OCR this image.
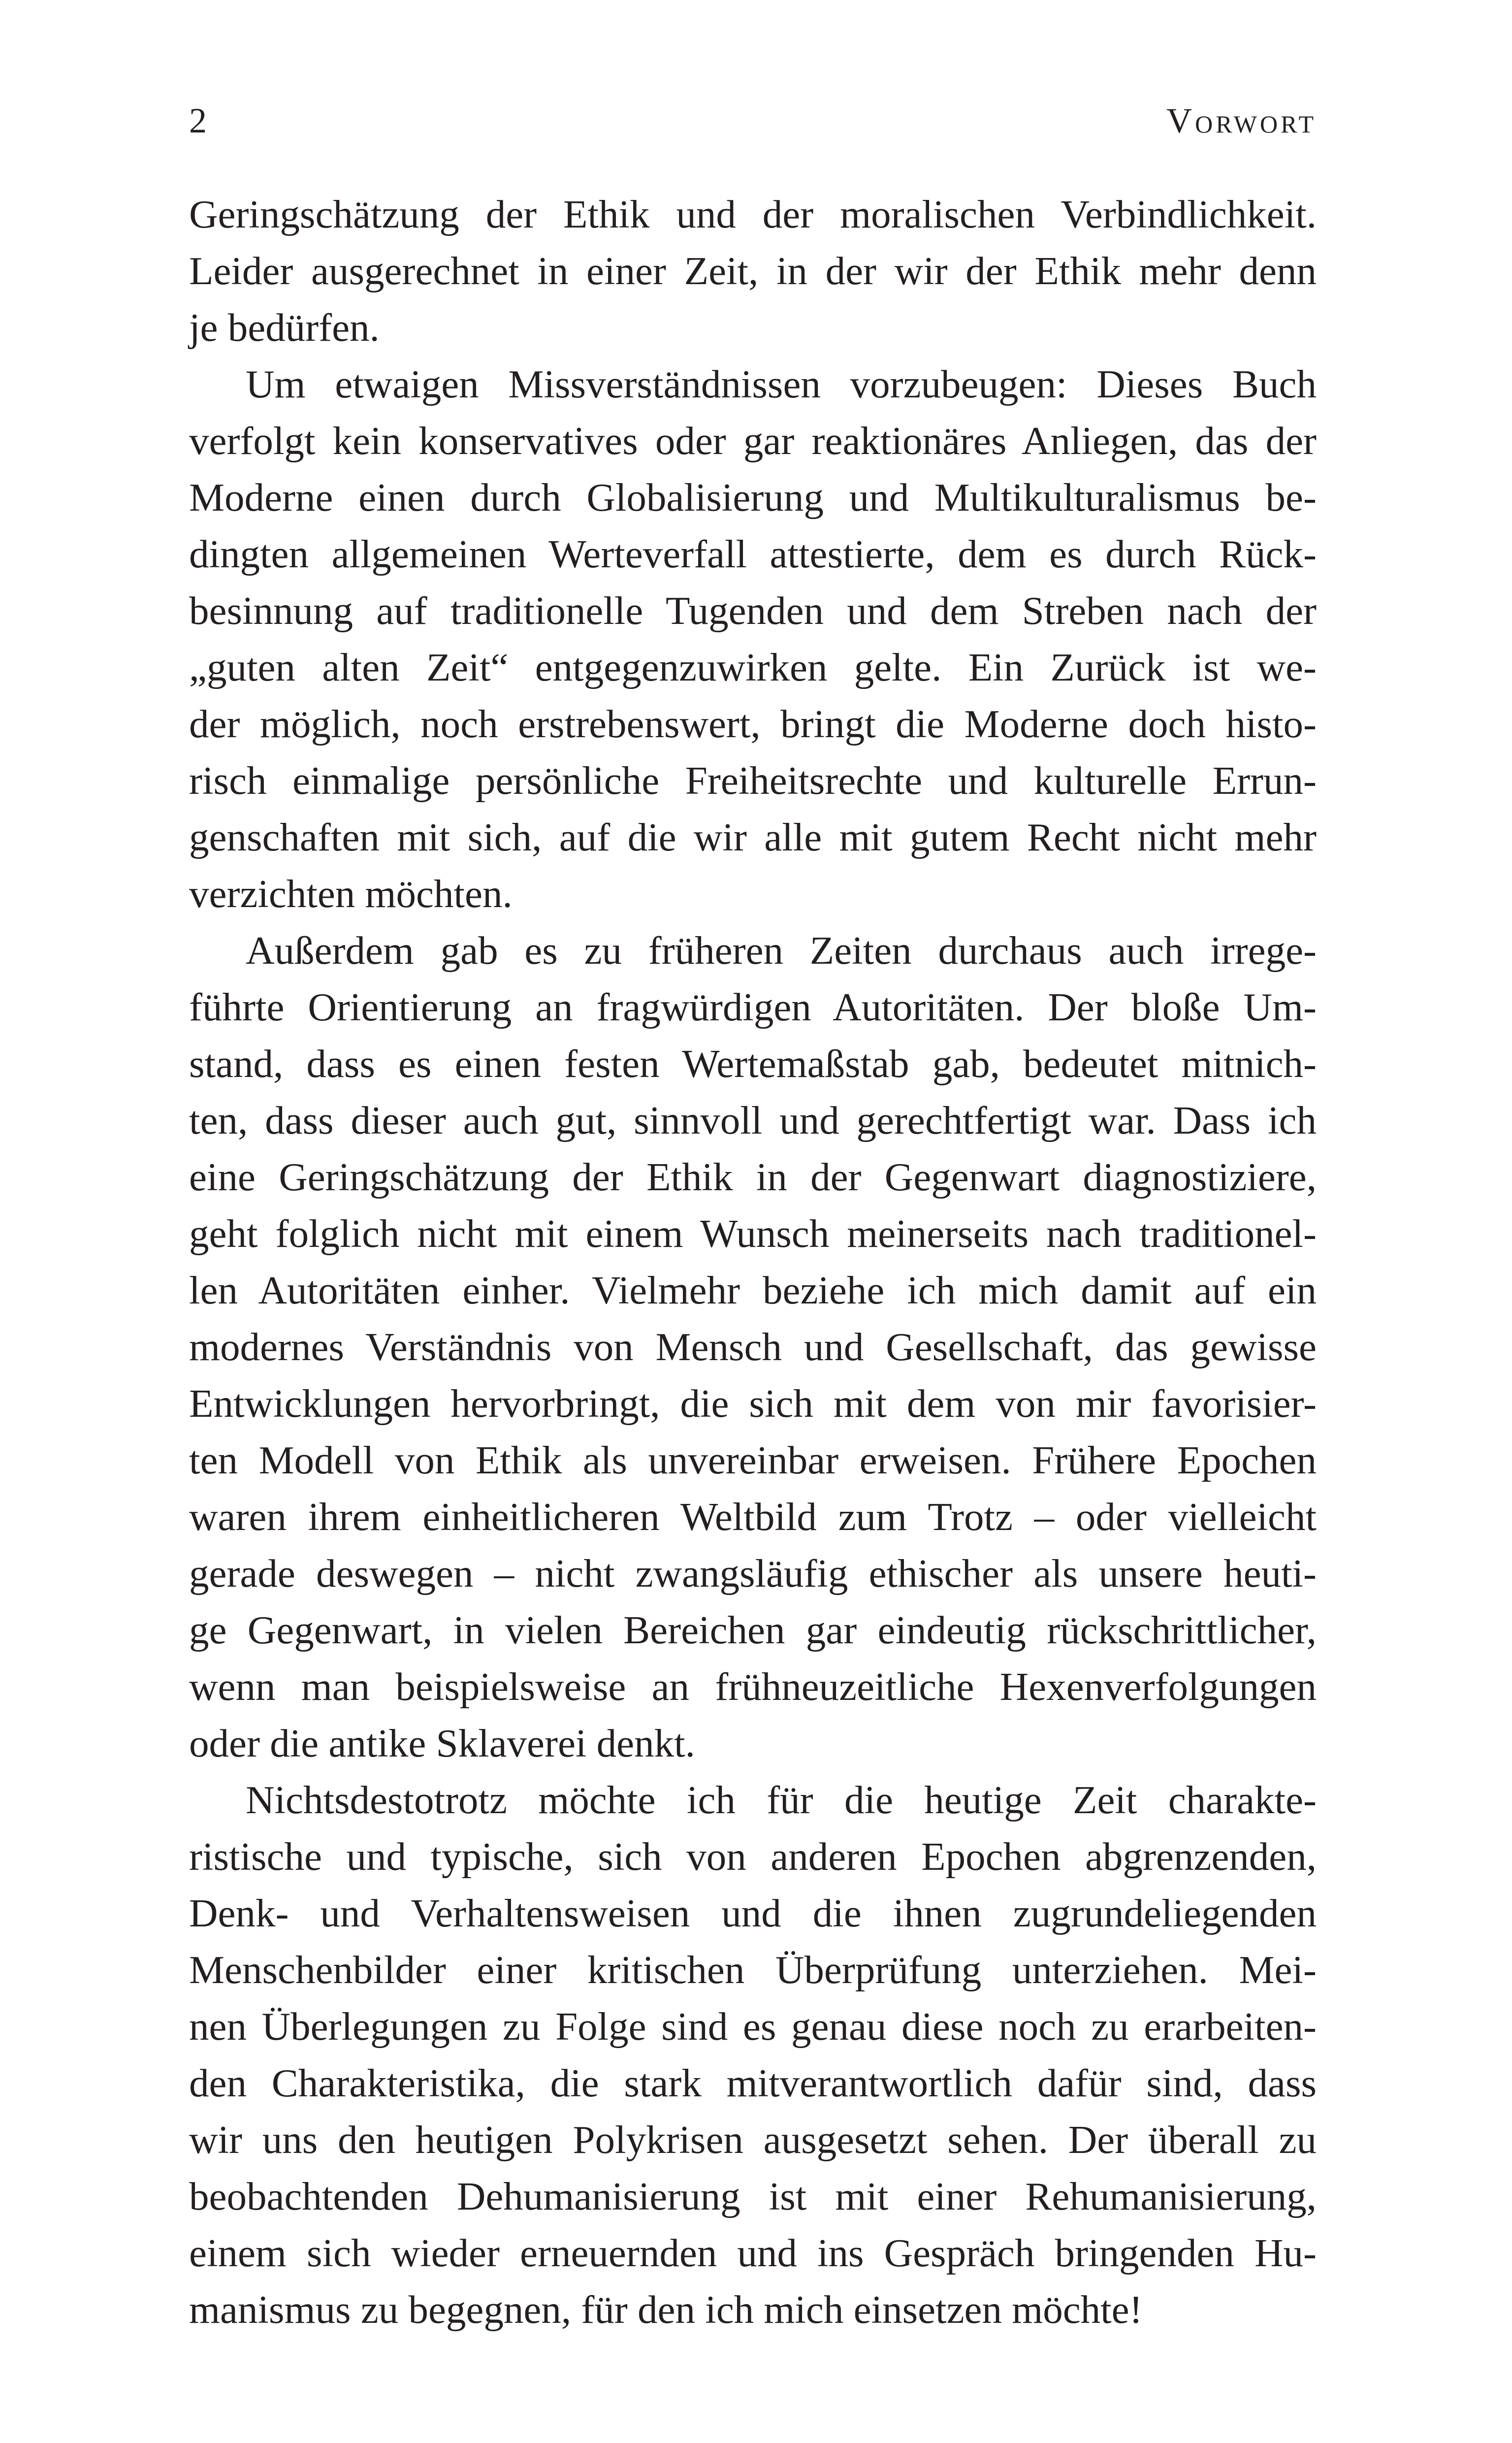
2	Vorwort
Geringschätzung der Ethik und der moralischen Verbindlichkeit.
Leider ausgerechnet in einer Zeit, in der wir der Ethik mehr denn
je bedürfen.
Um etwaigen Missverständnissen vorzubeugen: Dieses Buch
verfolgt kein konservatives oder gar reaktionäres Anliegen, das der
Moderne einen durch Globalisierung und Multikulturalismus be-
dingten allgemeinen Werteverfall attestierte, dem es durch Rück-
besinnung auf traditionelle Tugenden und dem Streben nach der
„guten alten Zeit“ entgegenzuwirken gelte. Ein Zurück ist we-
der möglich, noch erstrebenswert, bringt die Moderne doch histo-
risch einmalige persönliche Freiheitsrechte und kulturelle Errun-
genschaften mit sich, auf die wir alle mit gutem Recht nicht mehr
verzichten möchten.
Außerdem gab es zu früheren Zeiten durchaus auch irrege-
führte Orientierung an fragwürdigen Autoritäten. Der bloße Um-
stand, dass es einen festen Wertemaßstab gab, bedeutet mitnich-
ten, dass dieser auch gut, sinnvoll und gerechtfertigt war. Dass ich
eine Geringschätzung der Ethik in der Gegenwart diagnostiziere,
geht folglich nicht mit einem Wunsch meinerseits nach traditionel-
len Autoritäten einher. Vielmehr beziehe ich mich damit auf ein
modernes Verständnis von Mensch und Gesellschaft, das gewisse
Entwicklungen hervorbringt, die sich mit dem von mir favorisier-
ten Modell von Ethik als unvereinbar erweisen. Frühere Epochen
waren ihrem einheitlicheren Weltbild zum Trotz – oder vielleicht
gerade deswegen – nicht zwangsläufig ethischer als unsere heuti-
ge Gegenwart, in vielen Bereichen gar eindeutig rückschrittlicher,
wenn man beispielsweise an frühneuzeitliche Hexenverfolgungen
oder die antike Sklaverei denkt.
Nichtsdestotrotz möchte ich für die heutige Zeit charakte-
ristische und typische, sich von anderen Epochen abgrenzenden,
Denk- und Verhaltensweisen und die ihnen zugrundeliegenden
Menschenbilder einer kritischen Überprüfung unterziehen. Mei-
nen Überlegungen zu Folge sind es genau diese noch zu erarbeiten-
den Charakteristika, die stark mitverantwortlich dafür sind, dass
wir uns den heutigen Polykrisen ausgesetzt sehen. Der überall zu
beobachtenden Dehumanisierung ist mit einer Rehumanisierung,
einem sich wieder erneuernden und ins Gespräch bringenden Hu-
manismus zu begegnen, für den ich mich einsetzen möchte!
